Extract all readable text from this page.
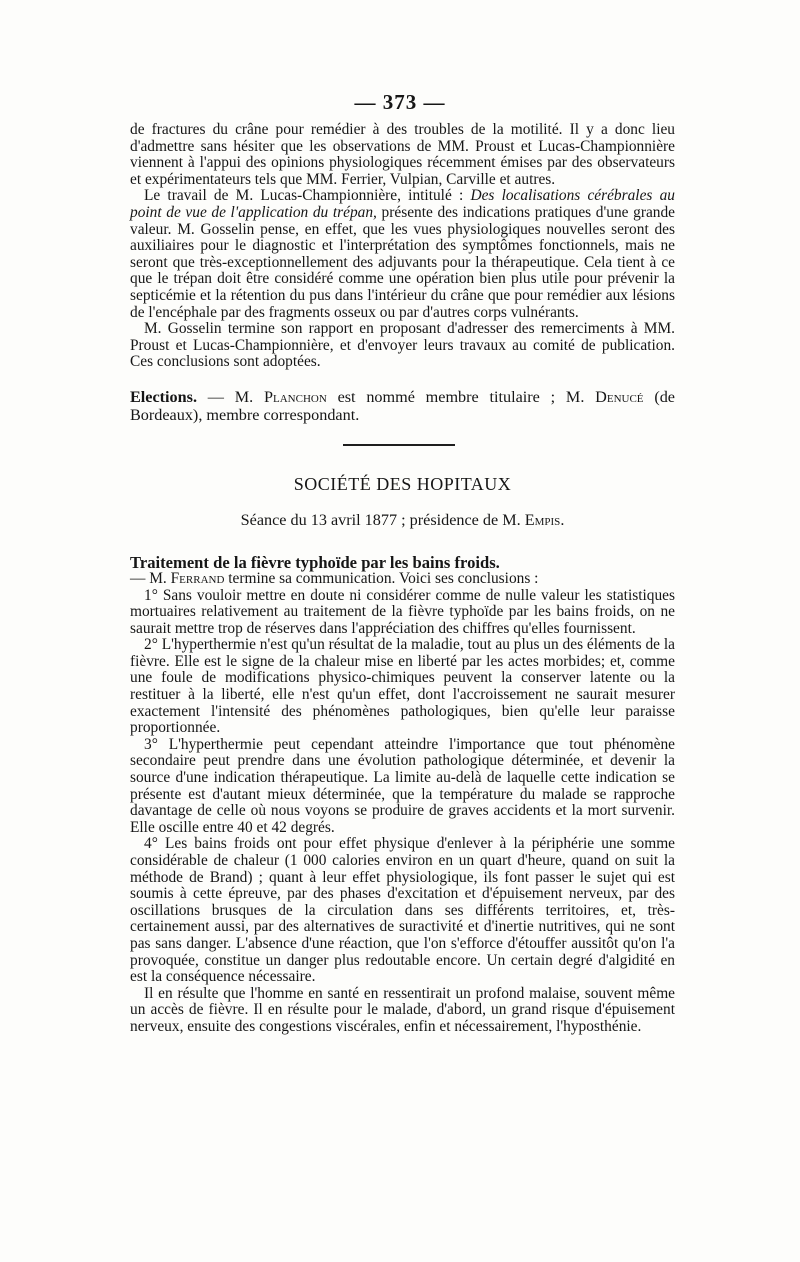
— 373 —

de fractures du crâne pour remédier à des troubles de la motilité. Il y a donc lieu d'admettre sans hésiter que les observations de MM. Proust et Lucas-Championnière viennent à l'appui des opinions physiologiques récemment émises par des observateurs et expérimentateurs tels que MM. Ferrier, Vulpian, Carville et autres.

Le travail de M. Lucas-Championnière, intitulé : Des localisations cérébrales au point de vue de l'application du trépan, présente des indications pratiques d'une grande valeur. M. Gosselin pense, en effet, que les vues physiologiques nouvelles seront des auxiliaires pour le diagnostic et l'interprétation des symptômes fonctionnels, mais ne seront que très-exceptionnellement des adjuvants pour la thérapeutique. Cela tient à ce que le trépan doit être considéré comme une opération bien plus utile pour prévenir la septicémie et la rétention du pus dans l'intérieur du crâne que pour remédier aux lésions de l'encéphale par des fragments osseux ou par d'autres corps vulnérants.

M. Gosselin termine son rapport en proposant d'adresser des remerciments à MM. Proust et Lucas-Championnière, et d'envoyer leurs travaux au comité de publication. Ces conclusions sont adoptées.

Elections. — M. Planchon est nommé membre titulaire ; M. Denucé (de Bordeaux), membre correspondant.

SOCIÉTÉ DES HOPITAUX

Séance du 13 avril 1877 ; présidence de M. Empis.

Traitement de la fièvre typhoïde par les bains froids.

— M. Ferrand termine sa communication. Voici ses conclusions :

1° Sans vouloir mettre en doute ni considérer comme de nulle valeur les statistiques mortuaires relativement au traitement de la fièvre typhoïde par les bains froids, on ne saurait mettre trop de réserves dans l'appréciation des chiffres qu'elles fournissent.

2° L'hyperthermie n'est qu'un résultat de la maladie, tout au plus un des éléments de la fièvre. Elle est le signe de la chaleur mise en liberté par les actes morbides; et, comme une foule de modifications physico-chimiques peuvent la conserver latente ou la restituer à la liberté, elle n'est qu'un effet, dont l'accroissement ne saurait mesurer exactement l'intensité des phénomènes pathologiques, bien qu'elle leur paraisse proportionnée.

3° L'hyperthermie peut cependant atteindre l'importance que tout phénomène secondaire peut prendre dans une évolution pathologique déterminée, et devenir la source d'une indication thérapeutique. La limite au-delà de laquelle cette indication se présente est d'autant mieux déterminée, que la température du malade se rapproche davantage de celle où nous voyons se produire de graves accidents et la mort survenir. Elle oscille entre 40 et 42 degrés.

4° Les bains froids ont pour effet physique d'enlever à la périphérie une somme considérable de chaleur (1 000 calories environ en un quart d'heure, quand on suit la méthode de Brand) ; quant à leur effet physiologique, ils font passer le sujet qui est soumis à cette épreuve, par des phases d'excitation et d'épuisement nerveux, par des oscillations brusques de la circulation dans ses différents territoires, et, très-certainement aussi, par des alternatives de suractivité et d'inertie nutritives, qui ne sont pas sans danger. L'absence d'une réaction, que l'on s'efforce d'étouffer aussitôt qu'on l'a provoquée, constitue un danger plus redoutable encore. Un certain degré d'algidité en est la conséquence nécessaire.

Il en résulte que l'homme en santé en ressentirait un profond malaise, souvent même un accès de fièvre. Il en résulte pour le malade, d'abord, un grand risque d'épuisement nerveux, ensuite des congestions viscérales, enfin et nécessairement, l'hyposthénie.
